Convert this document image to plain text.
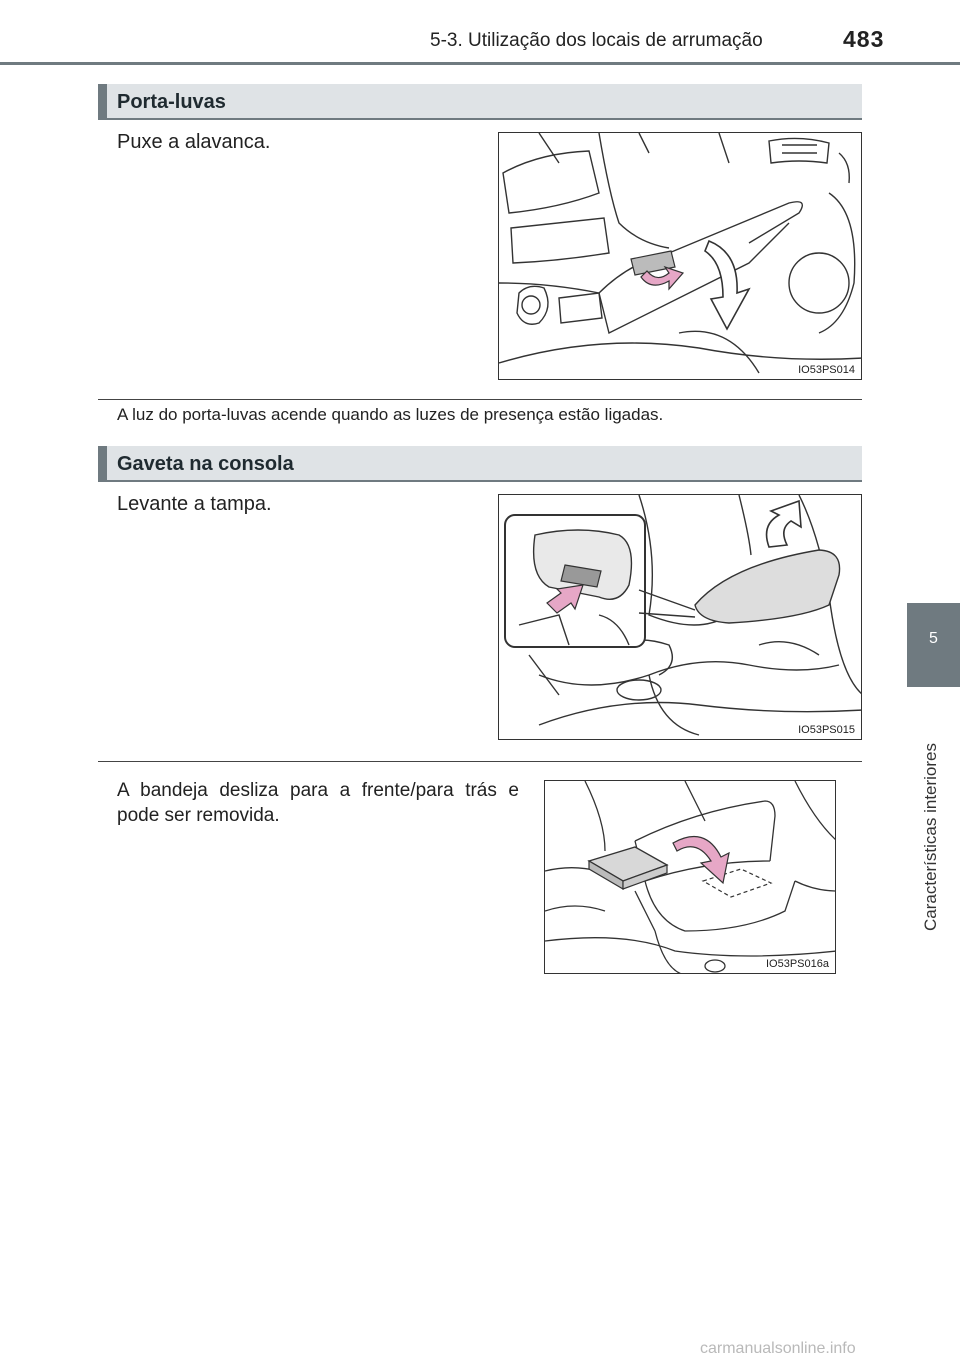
5-3. Utilização dos locais de arrumação	483
5
Características interiores
Porta-luvas
Puxe a alavanca.
IO53PS014
A luz do porta-luvas acende quando as luzes de presença estão ligadas.
Gaveta na consola
Levante a tampa.
IO53PS015
A bandeja desliza para a frente/para trás e pode ser removida.
IO53PS016a
carmanualsonline.info
